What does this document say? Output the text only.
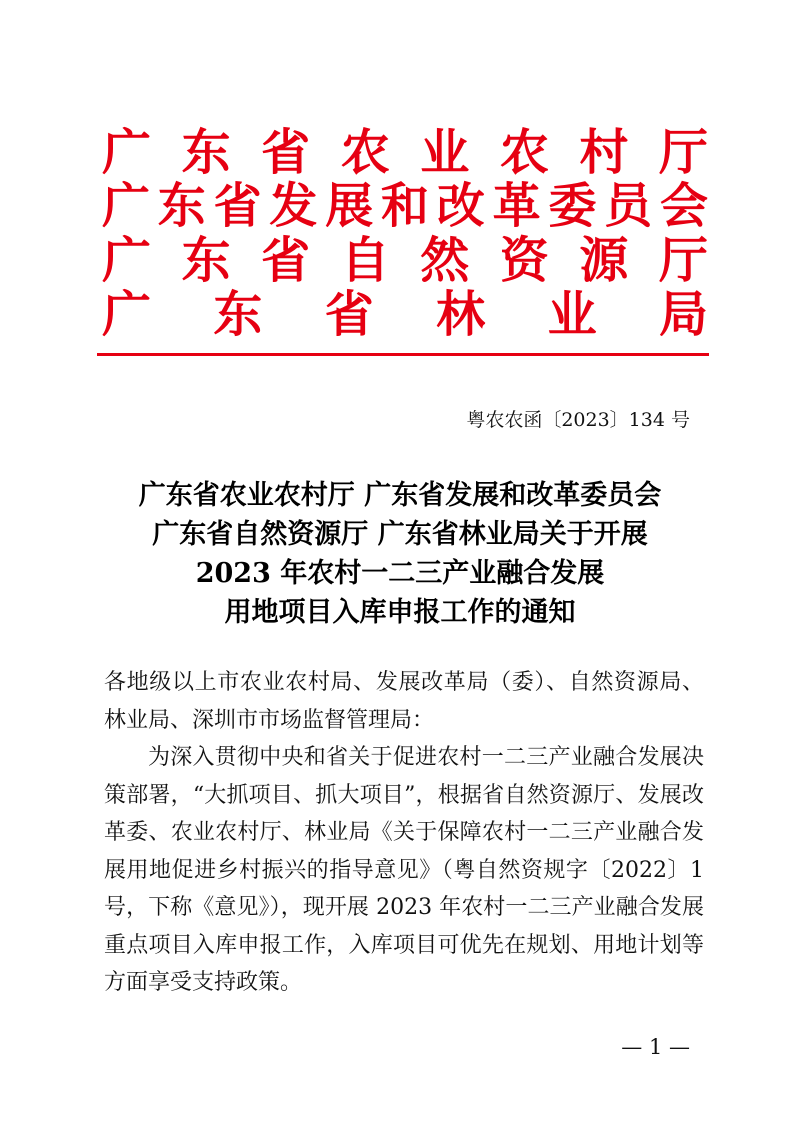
广 东 省 农 业 农 村 厅
广 东 省 发 展 和 改 革 委 员 会
广 东 省 自 然 资 源 厅
广 东 省 林 业 局
粤农农函〔2023〕134 号
广东省农业农村厅 广东省发展和改革委员会
广东省自然资源厅 广东省林业局关于开展
2023 年农村一二三产业融合发展
用地项目入库申报工作的通知

各地级以上市农业农村局、发展改革局（委）、自然资源局、林业局、深圳市市场监督管理局：

为深入贯彻中央和省关于促进农村一二三产业融合发展决策部署，“大抓项目、抓大项目”，根据省自然资源厅、发展改革委、农业农村厅、林业局《关于保障农村一二三产业融合发展用地促进乡村振兴的指导意见》（粤自然资规字〔2022〕1 号，下称《意见》），现开展 2023 年农村一二三产业融合发展重点项目入库申报工作，入库项目可优先在规划、用地计划等方面享受支持政策。

— 1 —
